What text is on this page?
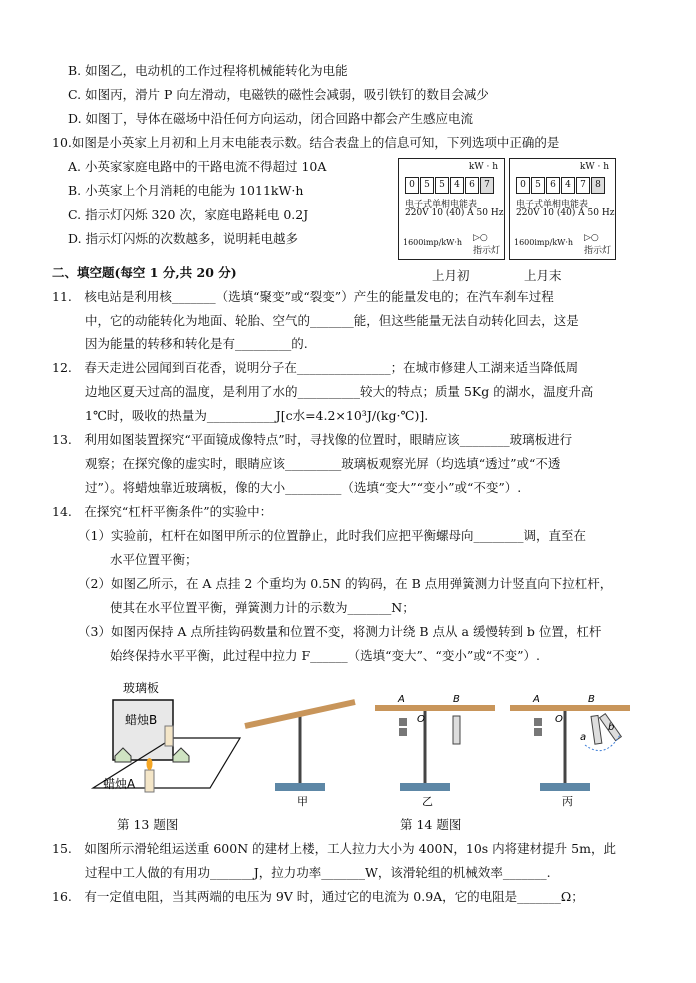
B. 如图乙，电动机的工作过程将机械能转化为电能
C. 如图丙，滑片 P 向左滑动，电磁铁的磁性会减弱，吸引铁钉的数目会减少
D. 如图丁，导体在磁场中沿任何方向运动，闭合回路中都会产生感应电流
10.如图是小英家上月初和上月末电能表示数。结合表盘上的信息可知，下列选项中正确的是
A. 小英家家庭电路中的干路电流不得超过 10A
B. 小英家上个月消耗的电能为 1011kW·h
C. 指示灯闪烁 320 次，家庭电路耗电 0.2J
D. 指示灯闪烁的次数越多，说明耗电越多
kW · h
0	5	5	4	6	7
电子式单相电能表
220V 10 (40) A 50 Hz
1600imp/kW·h ▷○
指示灯
kW · h
0	5	6	4	7	8
电子式单相电能表
220V 10 (40) A 50 Hz
1600imp/kW·h ▷○
指示灯
上月初	上月末
二、填空题(每空 1 分,共 20 分)
11.　核电站是利用核_______（选填“聚变”或“裂变”）产生的能量发电的；在汽车刹车过程
中，它的动能转化为地面、轮胎、空气的_______能，但这些能量无法自动转化回去，这是
因为能量的转移和转化是有_________的.
12.　春天走进公园闻到百花香，说明分子在_______________；在城市修建人工湖来适当降低周
边地区夏天过高的温度，是利用了水的__________较大的特点；质量 5Kg 的湖水，温度升高
1℃时，吸收的热量为___________J[c水=4.2×10³J/(kg·℃)].
13.　利用如图装置探究“平面镜成像特点”时，寻找像的位置时，眼睛应该________玻璃板进行
观察；在探究像的虚实时，眼睛应该_________玻璃板观察光屏（均选填“透过”或“不透
过”）。将蜡烛靠近玻璃板，像的大小_________（选填“变大”“变小”或“不变”）.
14.　在探究“杠杆平衡条件”的实验中：
（1）实验前，杠杆在如图甲所示的位置静止，此时我们应把平衡螺母向________调，直至在
水平位置平衡；
（2）如图乙所示，在 A 点挂 2 个重均为 0.5N 的钩码，在 B 点用弹簧测力计竖直向下拉杠杆，
使其在水平位置平衡，弹簧测力计的示数为_______N；
（3）如图丙保持 A 点所挂钩码数量和位置不变，将测力计绕 B 点从 a 缓慢转到 b 位置，杠杆
始终保持水平平衡，此过程中拉力 F______（选填“变大”、“变小”或“不变”）.
玻璃板
蜡烛B
蜡烛A
第 13 题图
甲
A	B
O
乙
A	B
O
a
b
丙
第 14 题图
15.　如图所示滑轮组运送重 600N 的建材上楼，工人拉力大小为 400N，10s 内将建材提升 5m，此
过程中工人做的有用功_______J，拉力功率_______W，该滑轮组的机械效率_______.
16.　有一定值电阻，当其两端的电压为 9V 时，通过它的电流为 0.9A，它的电阻是_______Ω；
